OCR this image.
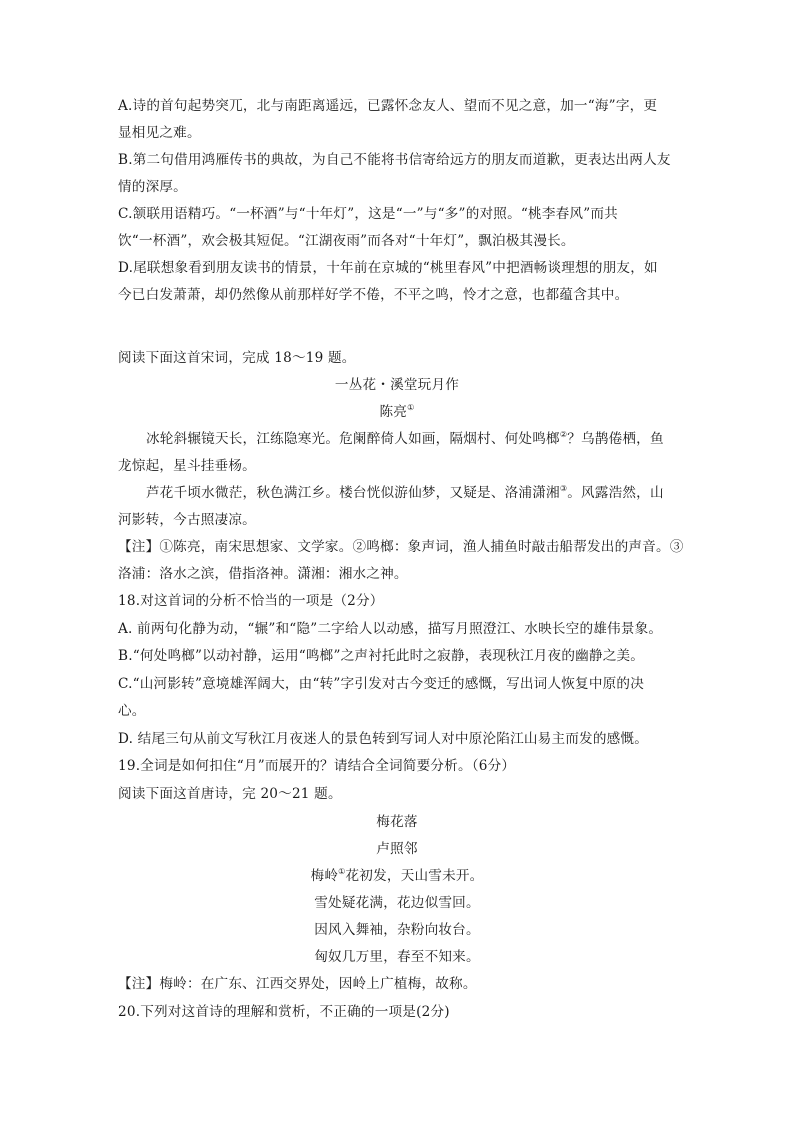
A.诗的首句起势突兀，北与南距离遥远，已露怀念友人、望而不见之意，加一“海”字，更
显相见之难。
B.第二句借用鸿雁传书的典故，为自己不能将书信寄给远方的朋友而道歉，更表达出两人友
情的深厚。
C.颔联用语精巧。“一杯酒”与“十年灯”，这是“一”与“多”的对照。“桃李春风”而共
饮“一杯酒”，欢会极其短促。“江湖夜雨”而各对“十年灯”，飘泊极其漫长。
D.尾联想象看到朋友读书的情景，十年前在京城的“桃里春风”中把酒畅谈理想的朋友，如
今已白发萧萧，却仍然像从前那样好学不倦，不平之鸣，怜才之意，也都蕴含其中。
阅读下面这首宋词，完成 18～19 题。
一丛花・溪堂玩月作
陈亮①
冰轮斜辗镜天长，江练隐寒光。危阑醉倚人如画，隔烟村、何处鸣榔②？乌鹊倦栖，鱼
龙惊起，星斗挂垂杨。
芦花千顷水微茫，秋色满江乡。楼台恍似游仙梦，又疑是、洛浦潇湘③。风露浩然，山
河影转，今古照凄凉。
【注】①陈亮，南宋思想家、文学家。②鸣榔：象声词，渔人捕鱼时敲击船帮发出的声音。③
洛浦：洛水之滨，借指洛神。潇湘：湘水之神。
18.对这首词的分析不恰当的一项是（2分）
A. 前两句化静为动，“辗”和“隐”二字给人以动感，描写月照澄江、水映长空的雄伟景象。
B.“何处鸣榔”以动衬静，运用“鸣榔”之声衬托此时之寂静，表现秋江月夜的幽静之美。
C.“山河影转”意境雄浑阔大，由“转”字引发对古今变迁的感慨，写出词人恢复中原的决
心。
D. 结尾三句从前文写秋江月夜迷人的景色转到写词人对中原沦陷江山易主而发的感慨。
19.全词是如何扣住“月”而展开的？请结合全词简要分析。（6分）
阅读下面这首唐诗，完 20～21 题。
梅花落
卢照邻
梅岭①花初发，天山雪未开。
雪处疑花满，花边似雪回。
因风入舞袖，杂粉向妆台。
匈奴几万里，春至不知来。
【注】梅岭：在广东、江西交界处，因岭上广植梅，故称。
20.下列对这首诗的理解和赏析，不正确的一项是(2分)
